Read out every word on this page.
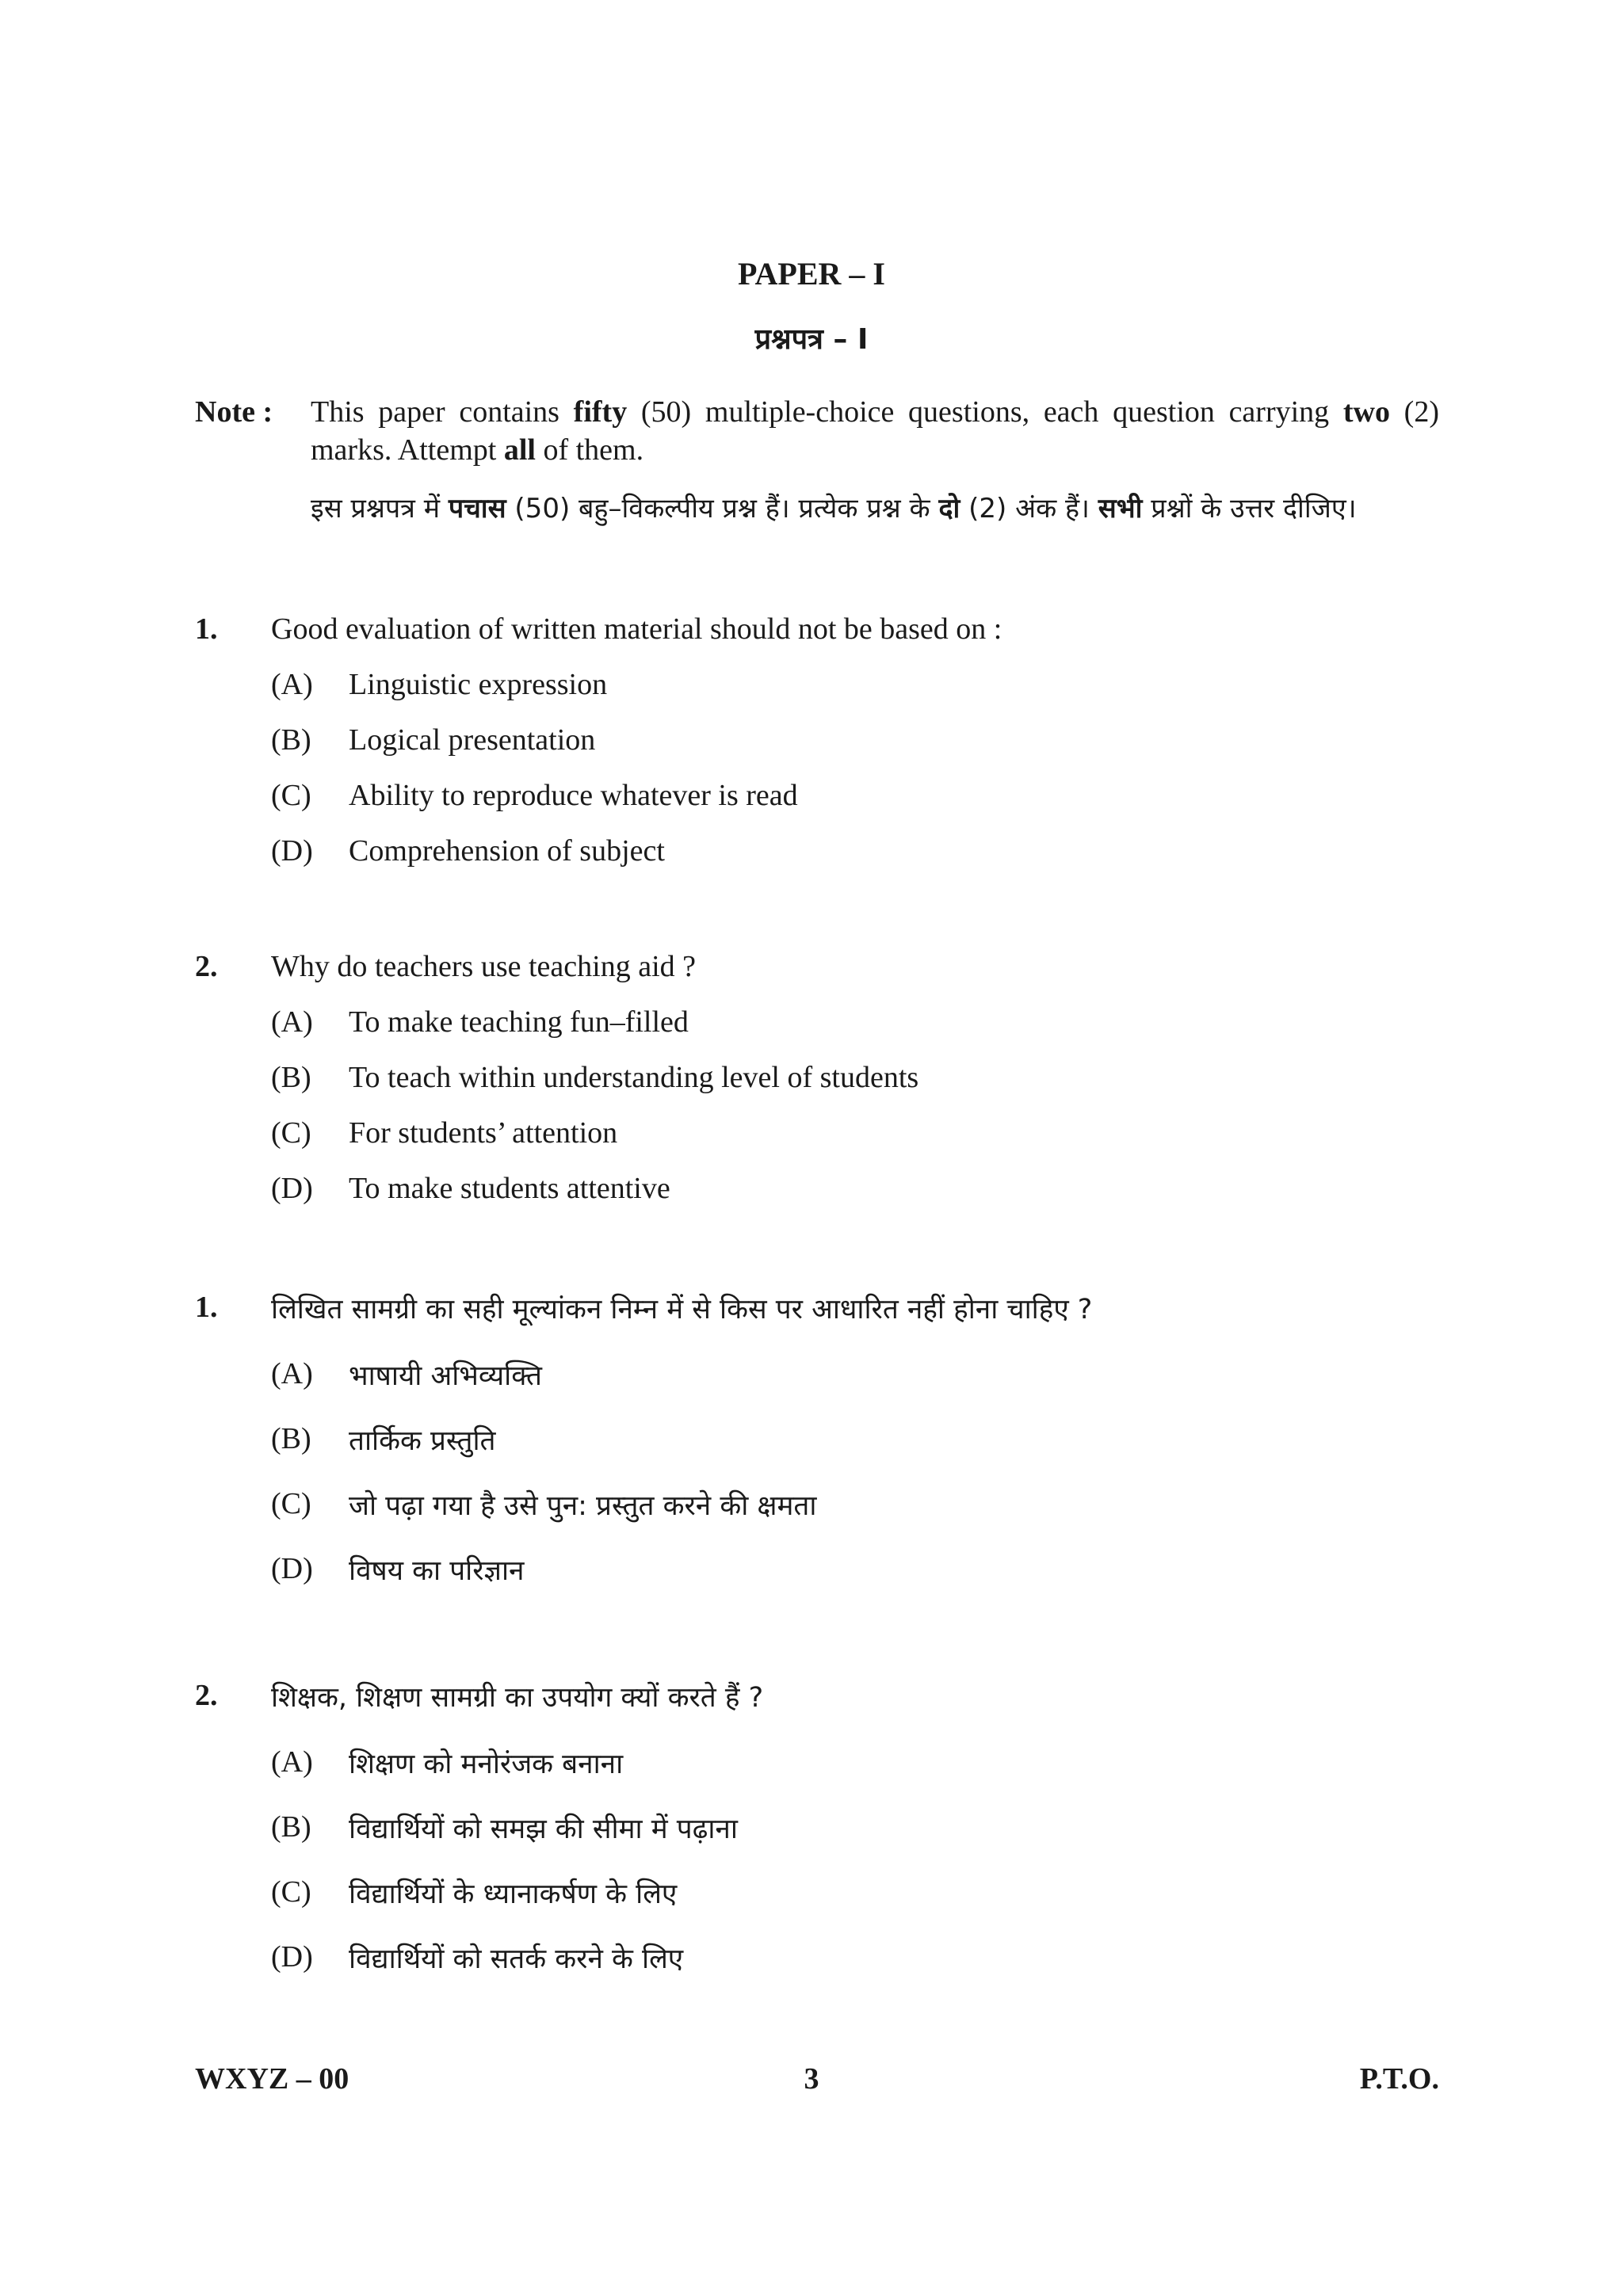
PAPER – I
प्रश्नपत्र – I
Note : This paper contains fifty (50) multiple-choice questions, each question carrying two (2) marks. Attempt all of them.
इस प्रश्नपत्र में पचास (50) बहु–विकल्पीय प्रश्न हैं। प्रत्येक प्रश्न के दो (2) अंक हैं। सभी प्रश्नों के उत्तर दीजिए।
1. Good evaluation of written material should not be based on :
(A) Linguistic expression
(B) Logical presentation
(C) Ability to reproduce whatever is read
(D) Comprehension of subject
2. Why do teachers use teaching aid ?
(A) To make teaching fun–filled
(B) To teach within understanding level of students
(C) For students’ attention
(D) To make students attentive
1. लिखित सामग्री का सही मूल्यांकन निम्न में से किस पर आधारित नहीं होना चाहिए ?
(A) भाषायी अभिव्यक्ति
(B) तार्किक प्रस्तुति
(C) जो पढ़ा गया है उसे पुन: प्रस्तुत करने की क्षमता
(D) विषय का परिज्ञान
2. शिक्षक, शिक्षण सामग्री का उपयोग क्यों करते हैं ?
(A) शिक्षण को मनोरंजक बनाना
(B) विद्यार्थियों को समझ की सीमा में पढ़ाना
(C) विद्यार्थियों के ध्यानाकर्षण के लिए
(D) विद्यार्थियों को सतर्क करने के लिए
WXYZ – 00	3	P.T.O.
